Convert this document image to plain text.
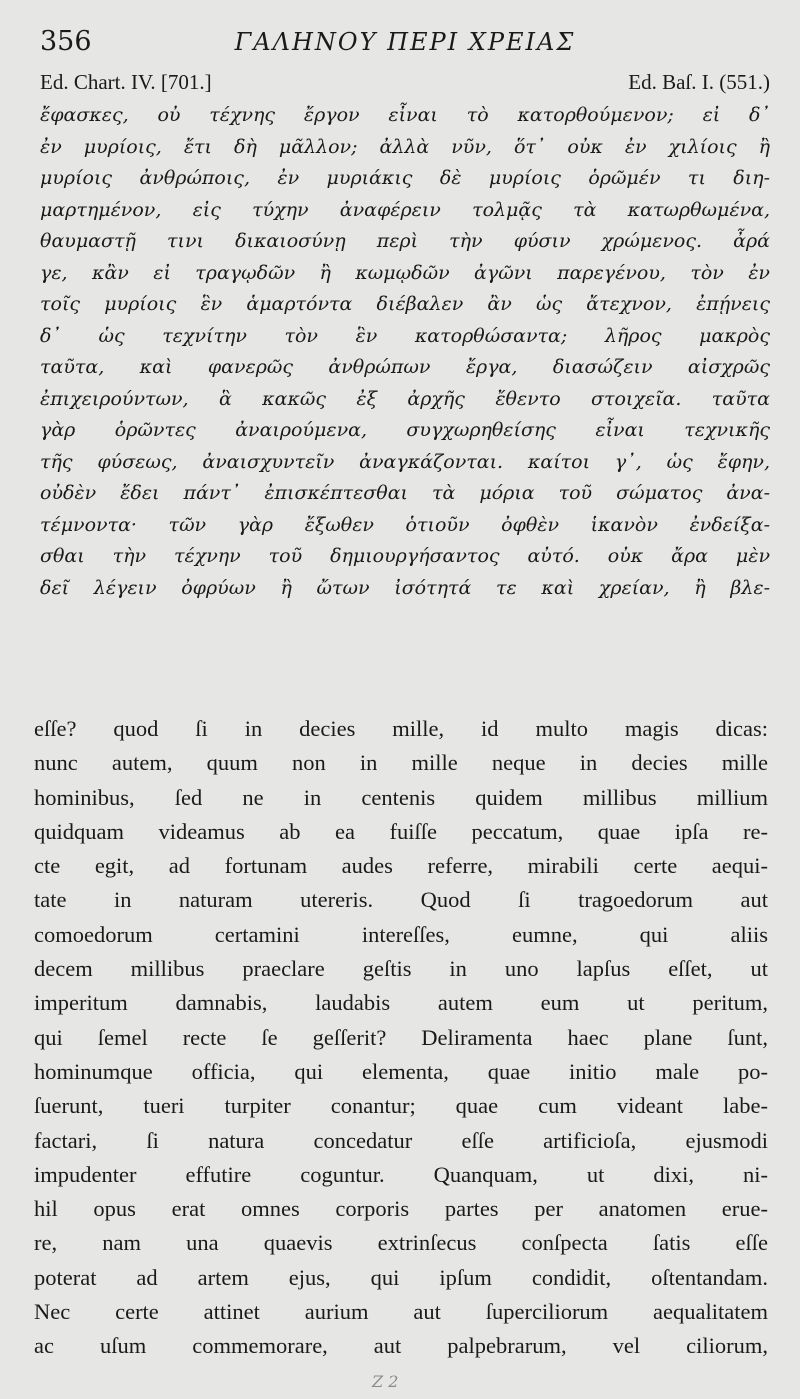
356	ΓΑΛΗΝΟΥ ΠΕΡΙ ΧΡΕΙΑΣ
Ed. Chart. IV. [701.]	Ed. Baſ. I. (551.)
ἔφασκες, οὐ τέχνης ἔργον εἶναι τὸ κατορθούμενον; εἰ δ᾽
ἐν μυρίοις, ἔτι δὴ μᾶλλον; ἀλλὰ νῦν, ὅτ᾽ οὐκ ἐν χιλίοις ἢ
μυρίοις ἀνθρώποις, ἐν μυριάκις δὲ μυρίοις ὁρῶμέν τι διη-
μαρτημένον, εἰς τύχην ἀναφέρειν τολμᾷς τὰ κατωρθωμένα,
θαυμαστῇ τινι δικαιοσύνῃ περὶ τὴν φύσιν χρώμενος. ἆρά
γε, κἂν εἰ τραγῳδῶν ἢ κωμῳδῶν ἀγῶνι παρεγένου, τὸν ἐν
τοῖς μυρίοις ἓν ἁμαρτόντα διέβαλεν ἂν ὡς ἄτεχνον, ἐπῄνεις
δ᾽ ὡς τεχνίτην τὸν ἓν κατορθώσαντα; λῆρος μακρὸς
ταῦτα, καὶ φανερῶς ἀνθρώπων ἔργα, διασώζειν αἰσχρῶς
ἐπιχειρούντων, ἃ κακῶς ἐξ ἀρχῆς ἔθεντο στοιχεῖα. ταῦτα
γὰρ ὁρῶντες ἀναιρούμενα, συγχωρηθείσης εἶναι τεχνικῆς
τῆς φύσεως, ἀναισχυντεῖν ἀναγκάζονται. καίτοι γ᾽, ὡς ἔφην,
οὐδὲν ἔδει πάντ᾽ ἐπισκέπτεσθαι τὰ μόρια τοῦ σώματος ἀνα-
τέμνοντα· τῶν γὰρ ἔξωθεν ὁτιοῦν ὀφθὲν ἱκανὸν ἐνδείξα-
σθαι τὴν τέχνην τοῦ δημιουργήσαντος αὐτό. οὐκ ἄρα μὲν
δεῖ λέγειν ὀφρύων ἢ ὤτων ἰσότητά τε καὶ χρείαν, ἢ βλε-
eſſe? quod ſi in decies mille, id multo magis dicas:
nunc autem, quum non in mille neque in decies mille
hominibus, ſed ne in centenis quidem millibus millium
quidquam videamus ab ea fuiſſe peccatum, quae ipſa re-
cte egit, ad fortunam audes referre, mirabili certe aequi-
tate in naturam utereris. Quod ſi tragoedorum aut
comoedorum certamini intereſſes, eumne, qui aliis
decem millibus praeclare geſtis in uno lapſus eſſet, ut
imperitum damnabis, laudabis autem eum ut peritum,
qui ſemel recte ſe geſſerit? Deliramenta haec plane ſunt,
hominumque officia, qui elementa, quae initio male po-
ſuerunt, tueri turpiter conantur; quae cum videant labe-
factari, ſi natura concedatur eſſe artificioſa, ejusmodi
impudenter effutire coguntur. Quanquam, ut dixi, ni-
hil opus erat omnes corporis partes per anatomen erue-
re, nam una quaevis extrinſecus conſpecta ſatis eſſe
poterat ad artem ejus, qui ipſum condidit, oſtentandam.
Nec certe attinet aurium aut ſuperciliorum aequalitatem
ac uſum commemorare, aut palpebrarum, vel ciliorum,
Z 2
